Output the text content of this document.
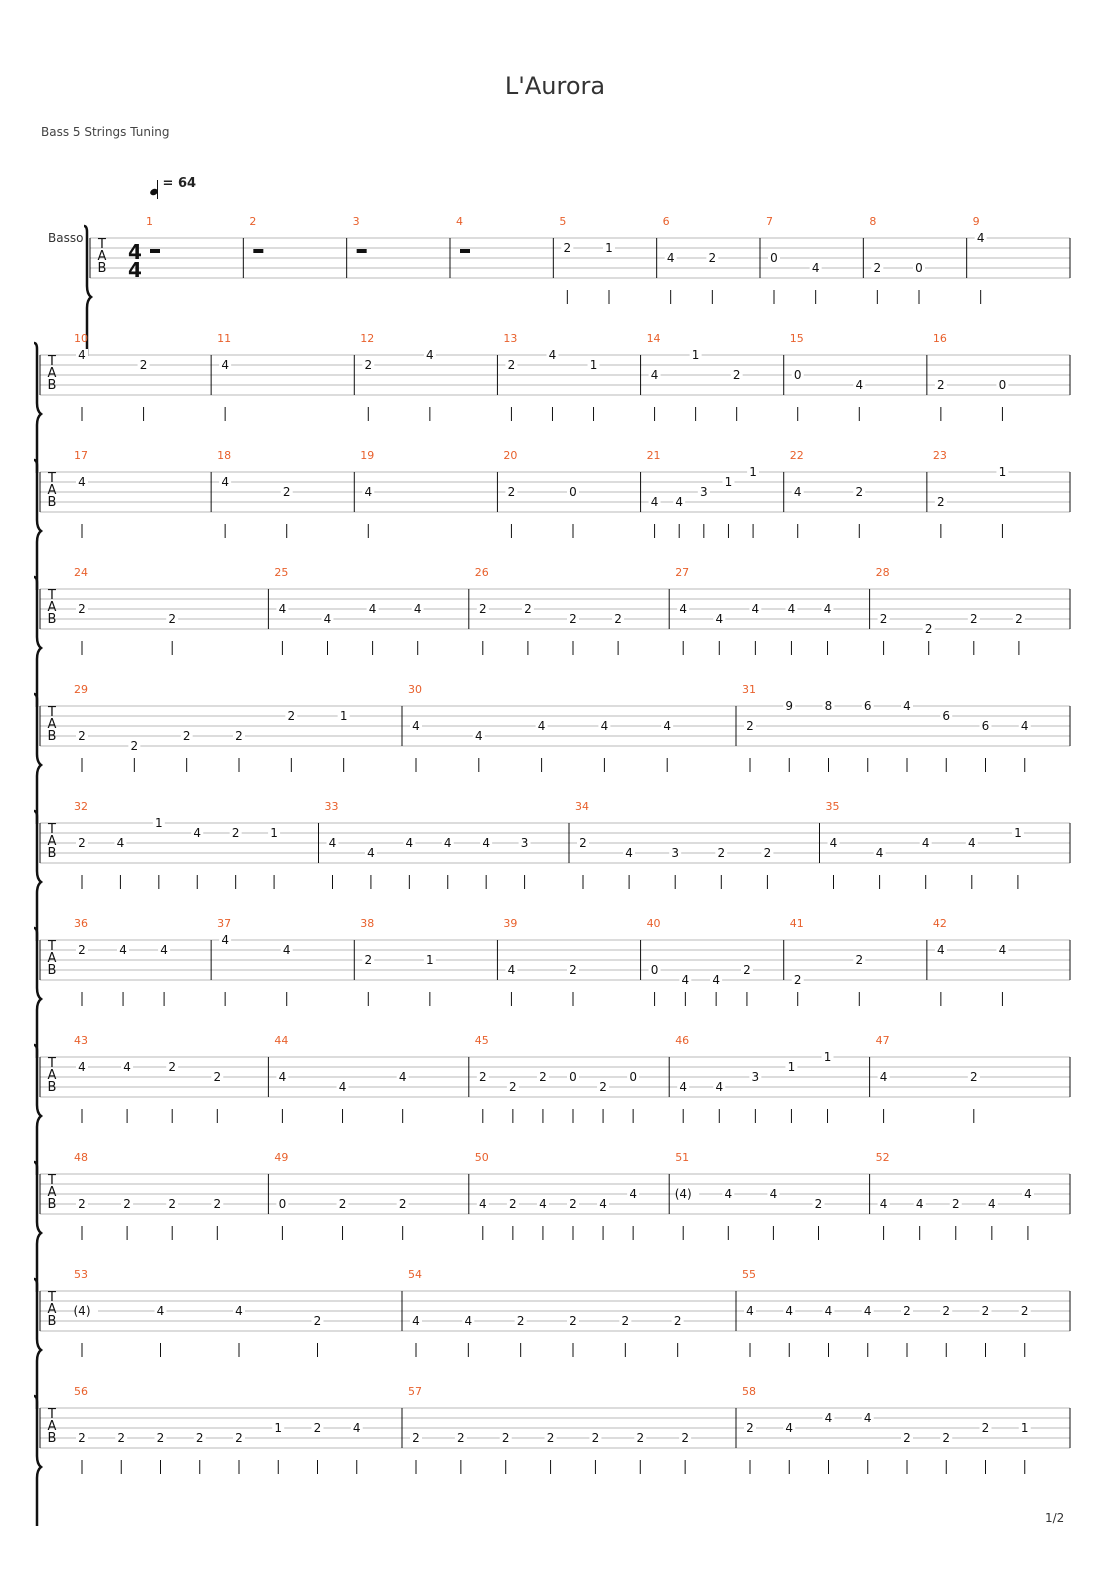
L'Aurora
Bass 5 Strings Tuning
= 64
Basso T
A
B
4
4
1	2	3	4	5
2	1
6
4	2
7
0
4
8
2	0
9
4
T
A
B
10
4
2
11
4
12
2
4
13
2
4
1
14
4
1
2
15
0
4
16
2	0
T
A
B
17
4
18
4
2
19
4
20
2	0
21
4 4
3
1
1
22
4	2
23
2
1
T
A
B
24
2
2
25
4
4
4	4
26
2	2
2	2
27
4
4
4 4 4
28
2
2
2	2
T
A
B
29
2
2
2	2
2	1
30
4
4
4	4	4
31
2
9	8	6	4
6
6	4
T
A
B
32
2	4
1
4	2	1
33
4
4
4	4	4	3
34
2
4	3	2	2
35
4
4
4	4
1
T
A
B
36
2	4	4
37
4
4
38
2	1
39
4	2
40
0
4 4
2
41
2
2
42
4	4
T
A
B
43
4	4	2
2
44
4
4
4
45
2
2
2 0
2
0
46
4 4
3
1
1
47
4	2
T
A
B
48
2	2	2	2
49
0	2	2
50
4 2 4 2 4
4
51
(4)	4	4
2
52
4 4 2 4
4
T
A
B
53
(4)	4	4
2
54
4	4	2	2	2	2
55
4	4	4	4	2	2	2	2
T
A
B
56
2	2	2	2	2
1	2	4
57
2	2	2	2	2	2	2
58
2	4
4	4
2	2
2	1
1/2
